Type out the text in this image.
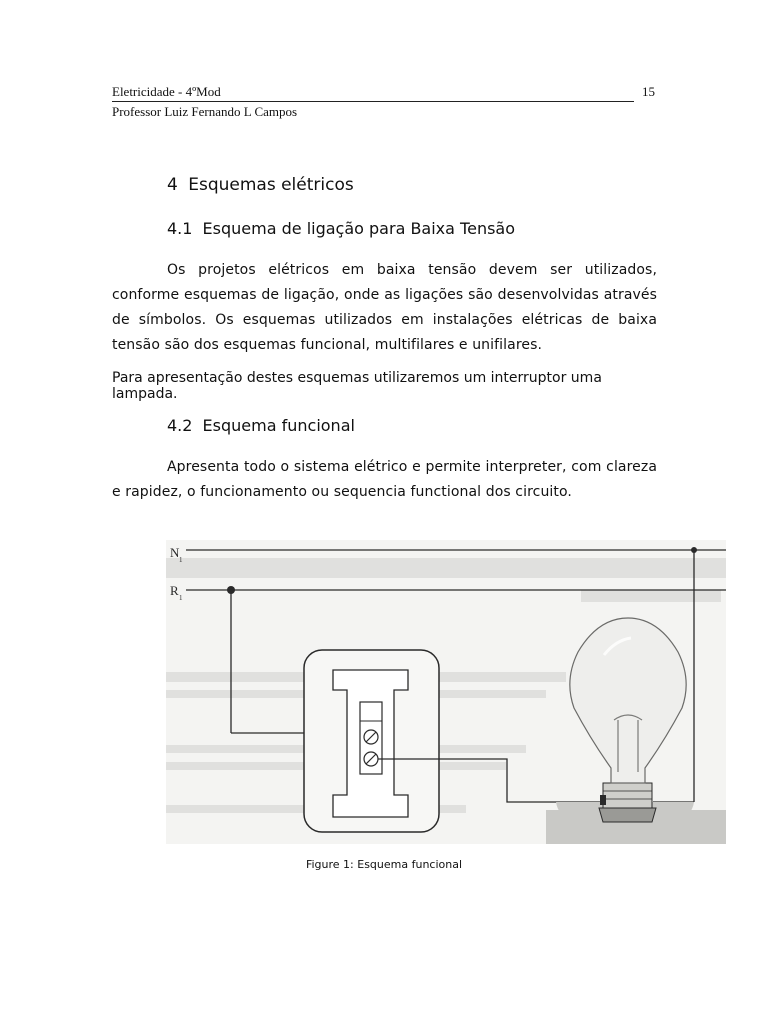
Eletricidade - 4ºMod	15
Professor Luiz Fernando L Campos
4 Esquemas elétricos
4.1 Esquema de ligação para Baixa Tensão

Os projetos elétricos em baixa tensão devem ser utilizados, conforme esquemas de ligação, onde as ligações são desenvolvidas através de símbolos. Os esquemas utilizados em instalações elétricas de baixa tensão são dos esquemas funcional, multifilares e unifilares.

Para apresentação destes esquemas utilizaremos um interruptor uma lampada.

4.2 Esquema funcional

Apresenta todo o sistema elétrico e permite interpreter, com clareza e rapidez, o funcionamento ou sequencia functional dos circuito.

N 1
R 1
Figure 1: Esquema funcional
